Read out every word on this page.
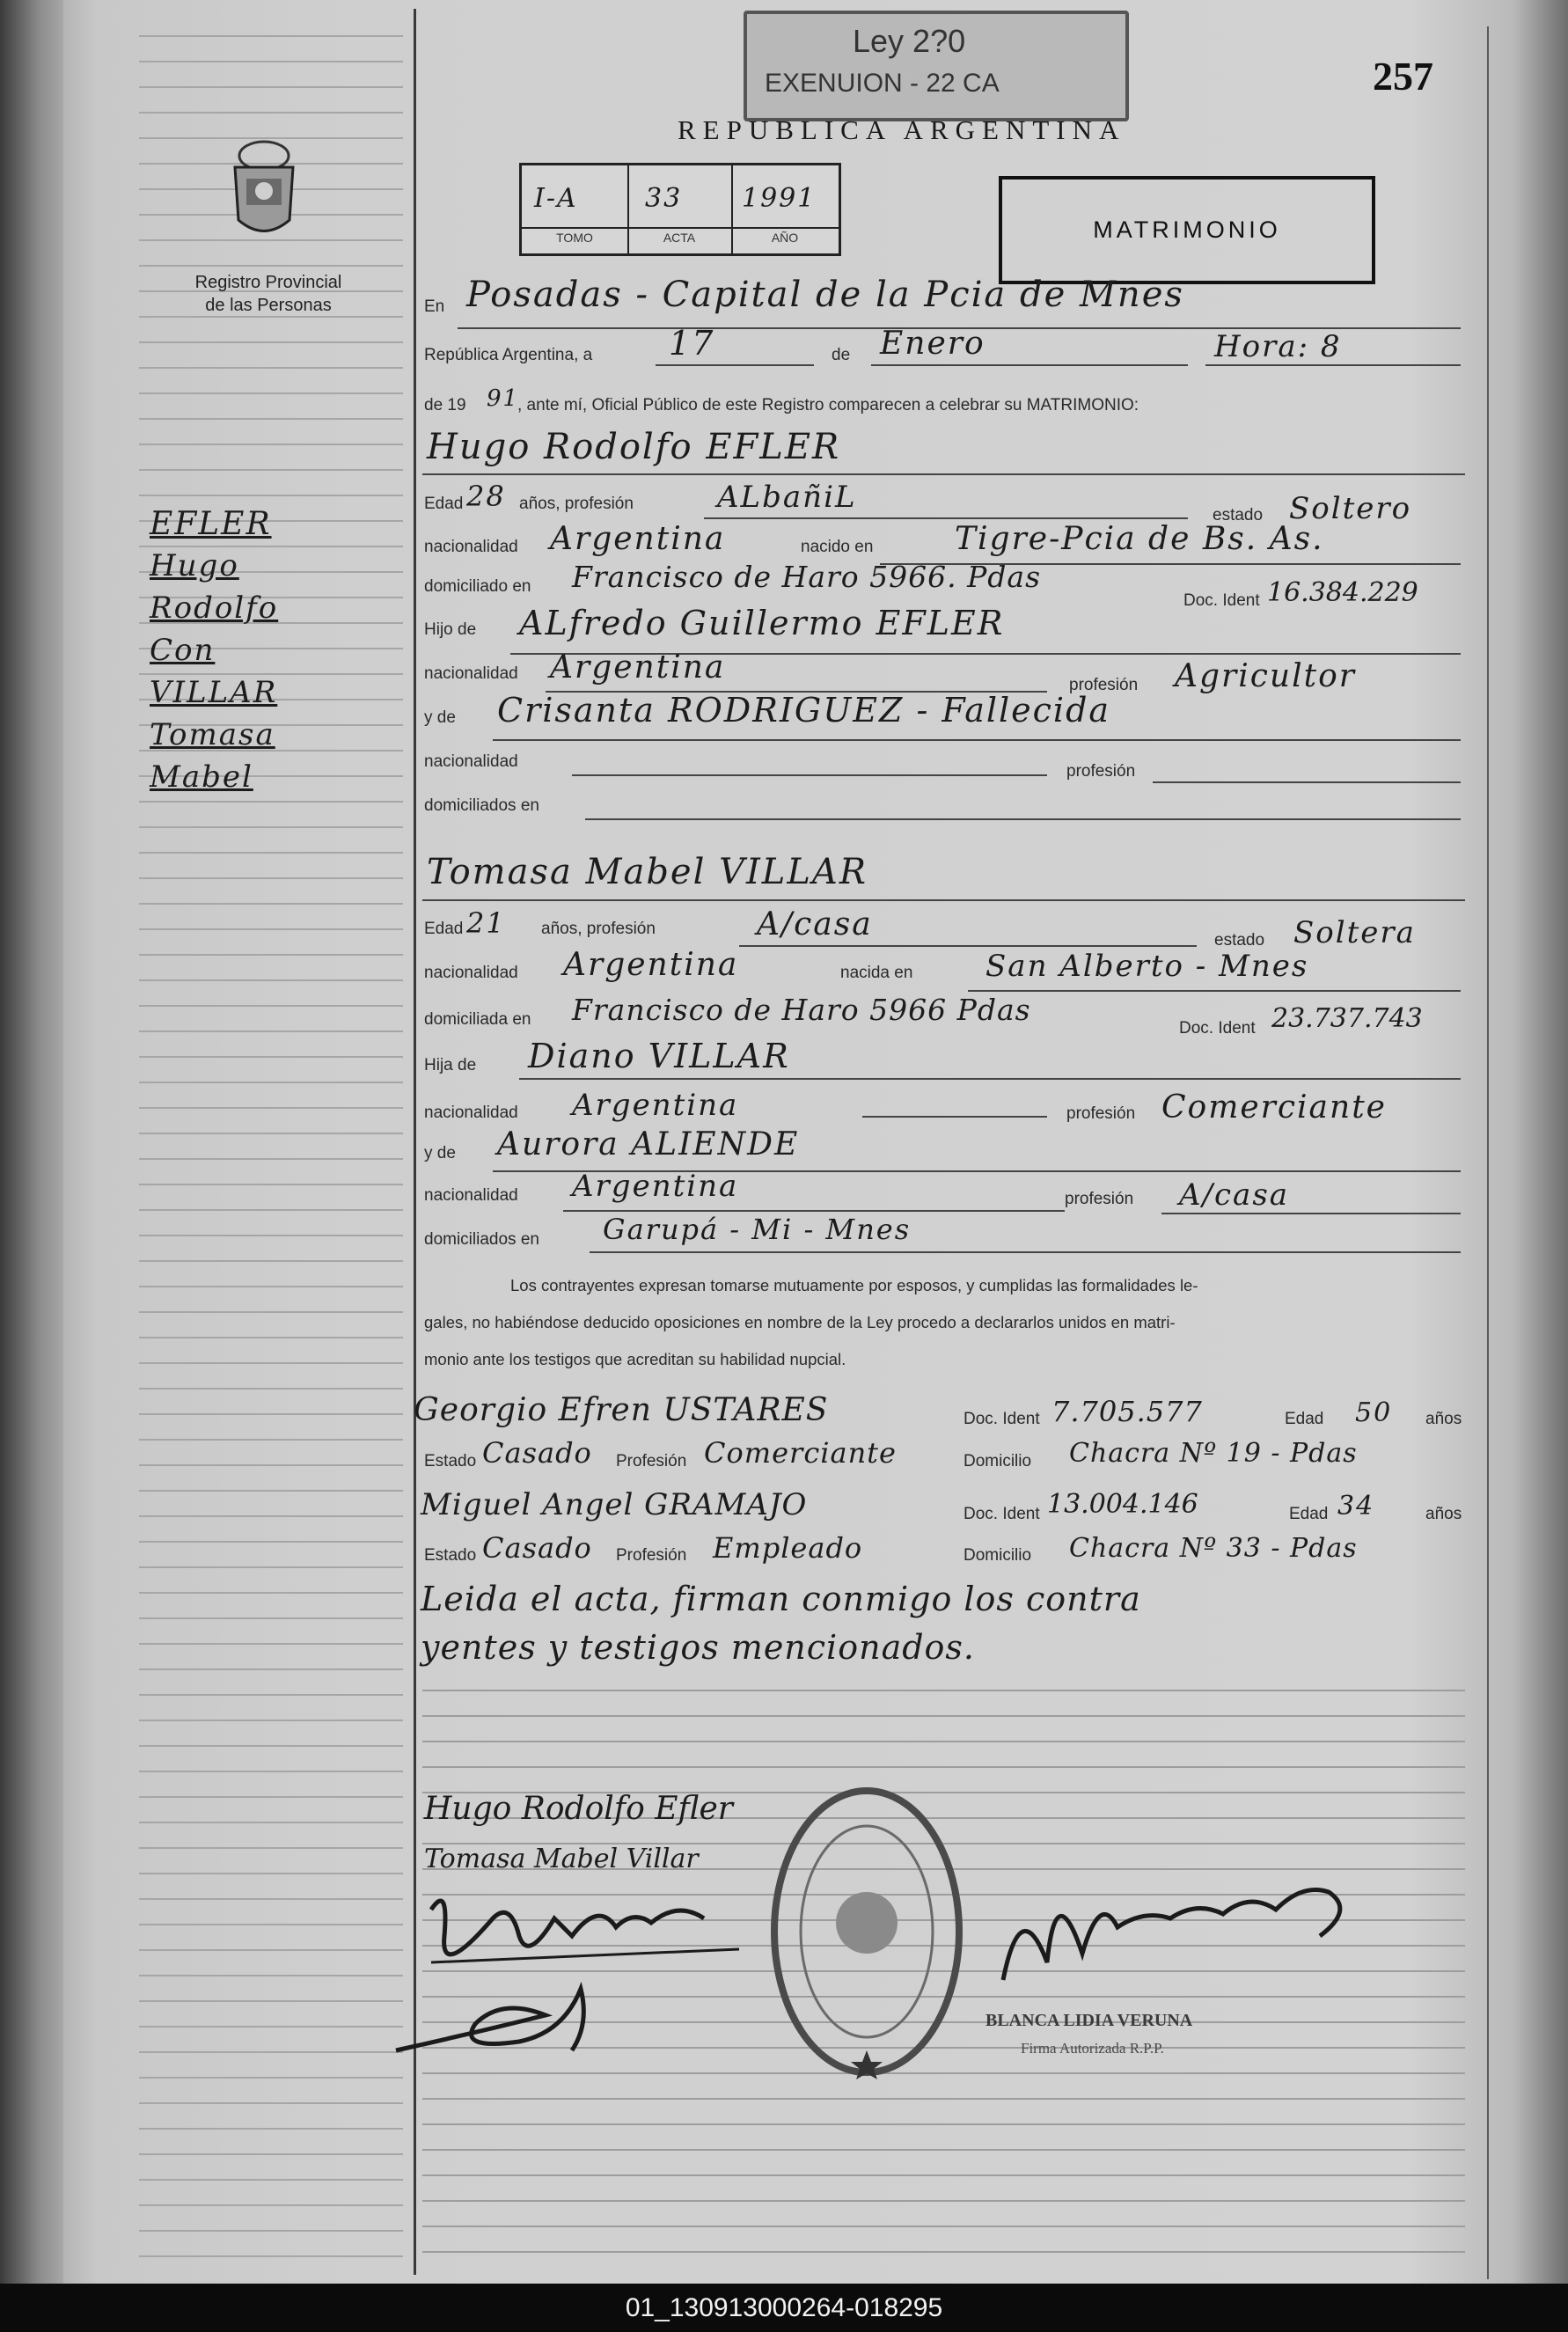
Ley 2?0
EXENUION - 22 CA	257
REPUBLICA ARGENTINA
Registro Provincial
de las Personas
I-A
TOMO
33
ACTA
1991
AÑO	MATRIMONIO
EFLER
Hugo
Rodolfo
Con
VILLAR
Tomasa
Mabel
En Posadas - Capital de la Pcia de Mnes
República Argentina, a 17	de Enero	Hora: 8
de 19 91
, ante mí, Oficial Público de este Registro comparecen a celebrar su MATRIMONIO:
Hugo Rodolfo EFLER
Edad 28 años, profesión	ALbañiL
estado Soltero
nacionalidad Argentina	nacido en	Tigre-Pcia de Bs. As.
domiciliado en Francisco de Haro 5966. Pdas
Doc. Ident 16.384.229
Hijo de ALfredo Guillermo EFLER
nacionalidad Argentina	profesión Agricultor
y de Crisanta RODRIGUEZ - Fallecida
nacionalidad
profesión
domiciliados en
Tomasa Mabel VILLAR
Edad 21 años, profesión	A/casa	estado Soltera
nacionalidad Argentina	nacida en San Alberto - Mnes
domiciliada en Francisco de Haro 5966 Pdas
Doc. Ident 23.737.743
Hija de Diano VILLAR
nacionalidad Argentina	profesión Comerciante
y de Aurora ALIENDE
nacionalidad Argentina	profesión A/casa
domiciliados en Garupá - Mi - Mnes
Los contrayentes expresan tomarse mutuamente por esposos, y cumplidas las formalidades le-
gales, no habiéndose deducido oposiciones en nombre de la Ley procedo a declararlos unidos en matri-
monio ante los testigos que acreditan su habilidad nupcial.
Georgio Efren USTARES	Doc. Ident 7.705.577	Edad 50 años
Estado Casado Profesión Comerciante	Domicilio Chacra Nº 19 - Pdas
Miguel Angel GRAMAJO	Doc. Ident 13.004.146	Edad 34	años
Estado Casado Profesión Empleado	Domicilio Chacra Nº 33 - Pdas
Leida el acta, firman conmigo los contra
yentes y testigos mencionados.
Hugo Rodolfo Efler
Tomasa Mabel Villar
BLANCA LIDIA VERUNA
Firma Autorizada R.P.P.
01_130913000264-018295
